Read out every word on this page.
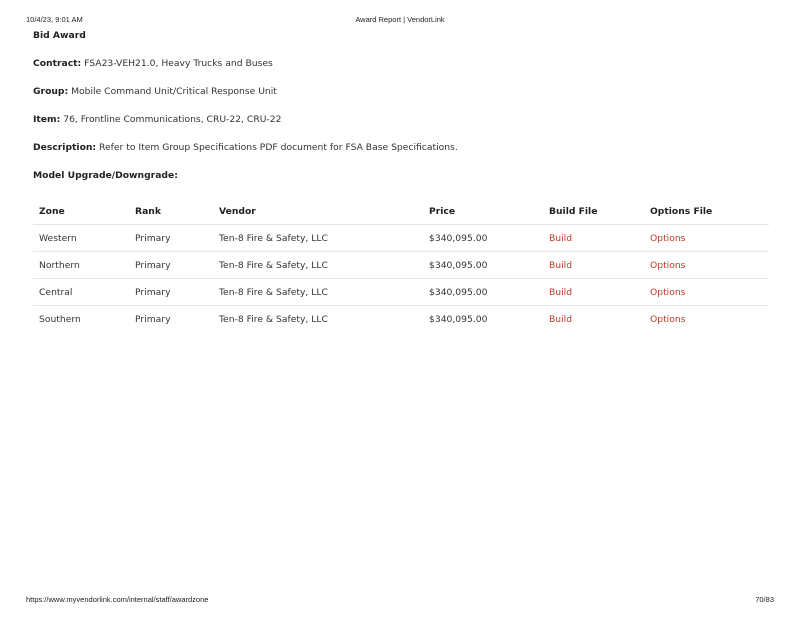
10/4/23, 9:01 AM	Award Report | VendorLink
Bid Award
Contract: FSA23-VEH21.0, Heavy Trucks and Buses
Group: Mobile Command Unit/Critical Response Unit
Item: 76, Frontline Communications, CRU-22, CRU-22
Description: Refer to Item Group Specifications PDF document for FSA Base Specifications.
Model Upgrade/Downgrade:
Zone	Rank	Vendor	Price	Build File	Options File
Western	Primary	Ten-8 Fire & Safety, LLC	$340,095.00	Build	Options
Northern	Primary	Ten-8 Fire & Safety, LLC	$340,095.00	Build	Options
Central	Primary	Ten-8 Fire & Safety, LLC	$340,095.00	Build	Options
Southern	Primary	Ten-8 Fire & Safety, LLC	$340,095.00	Build	Options
https://www.myvendorlink.com/internal/staff/awardzone	70/83
